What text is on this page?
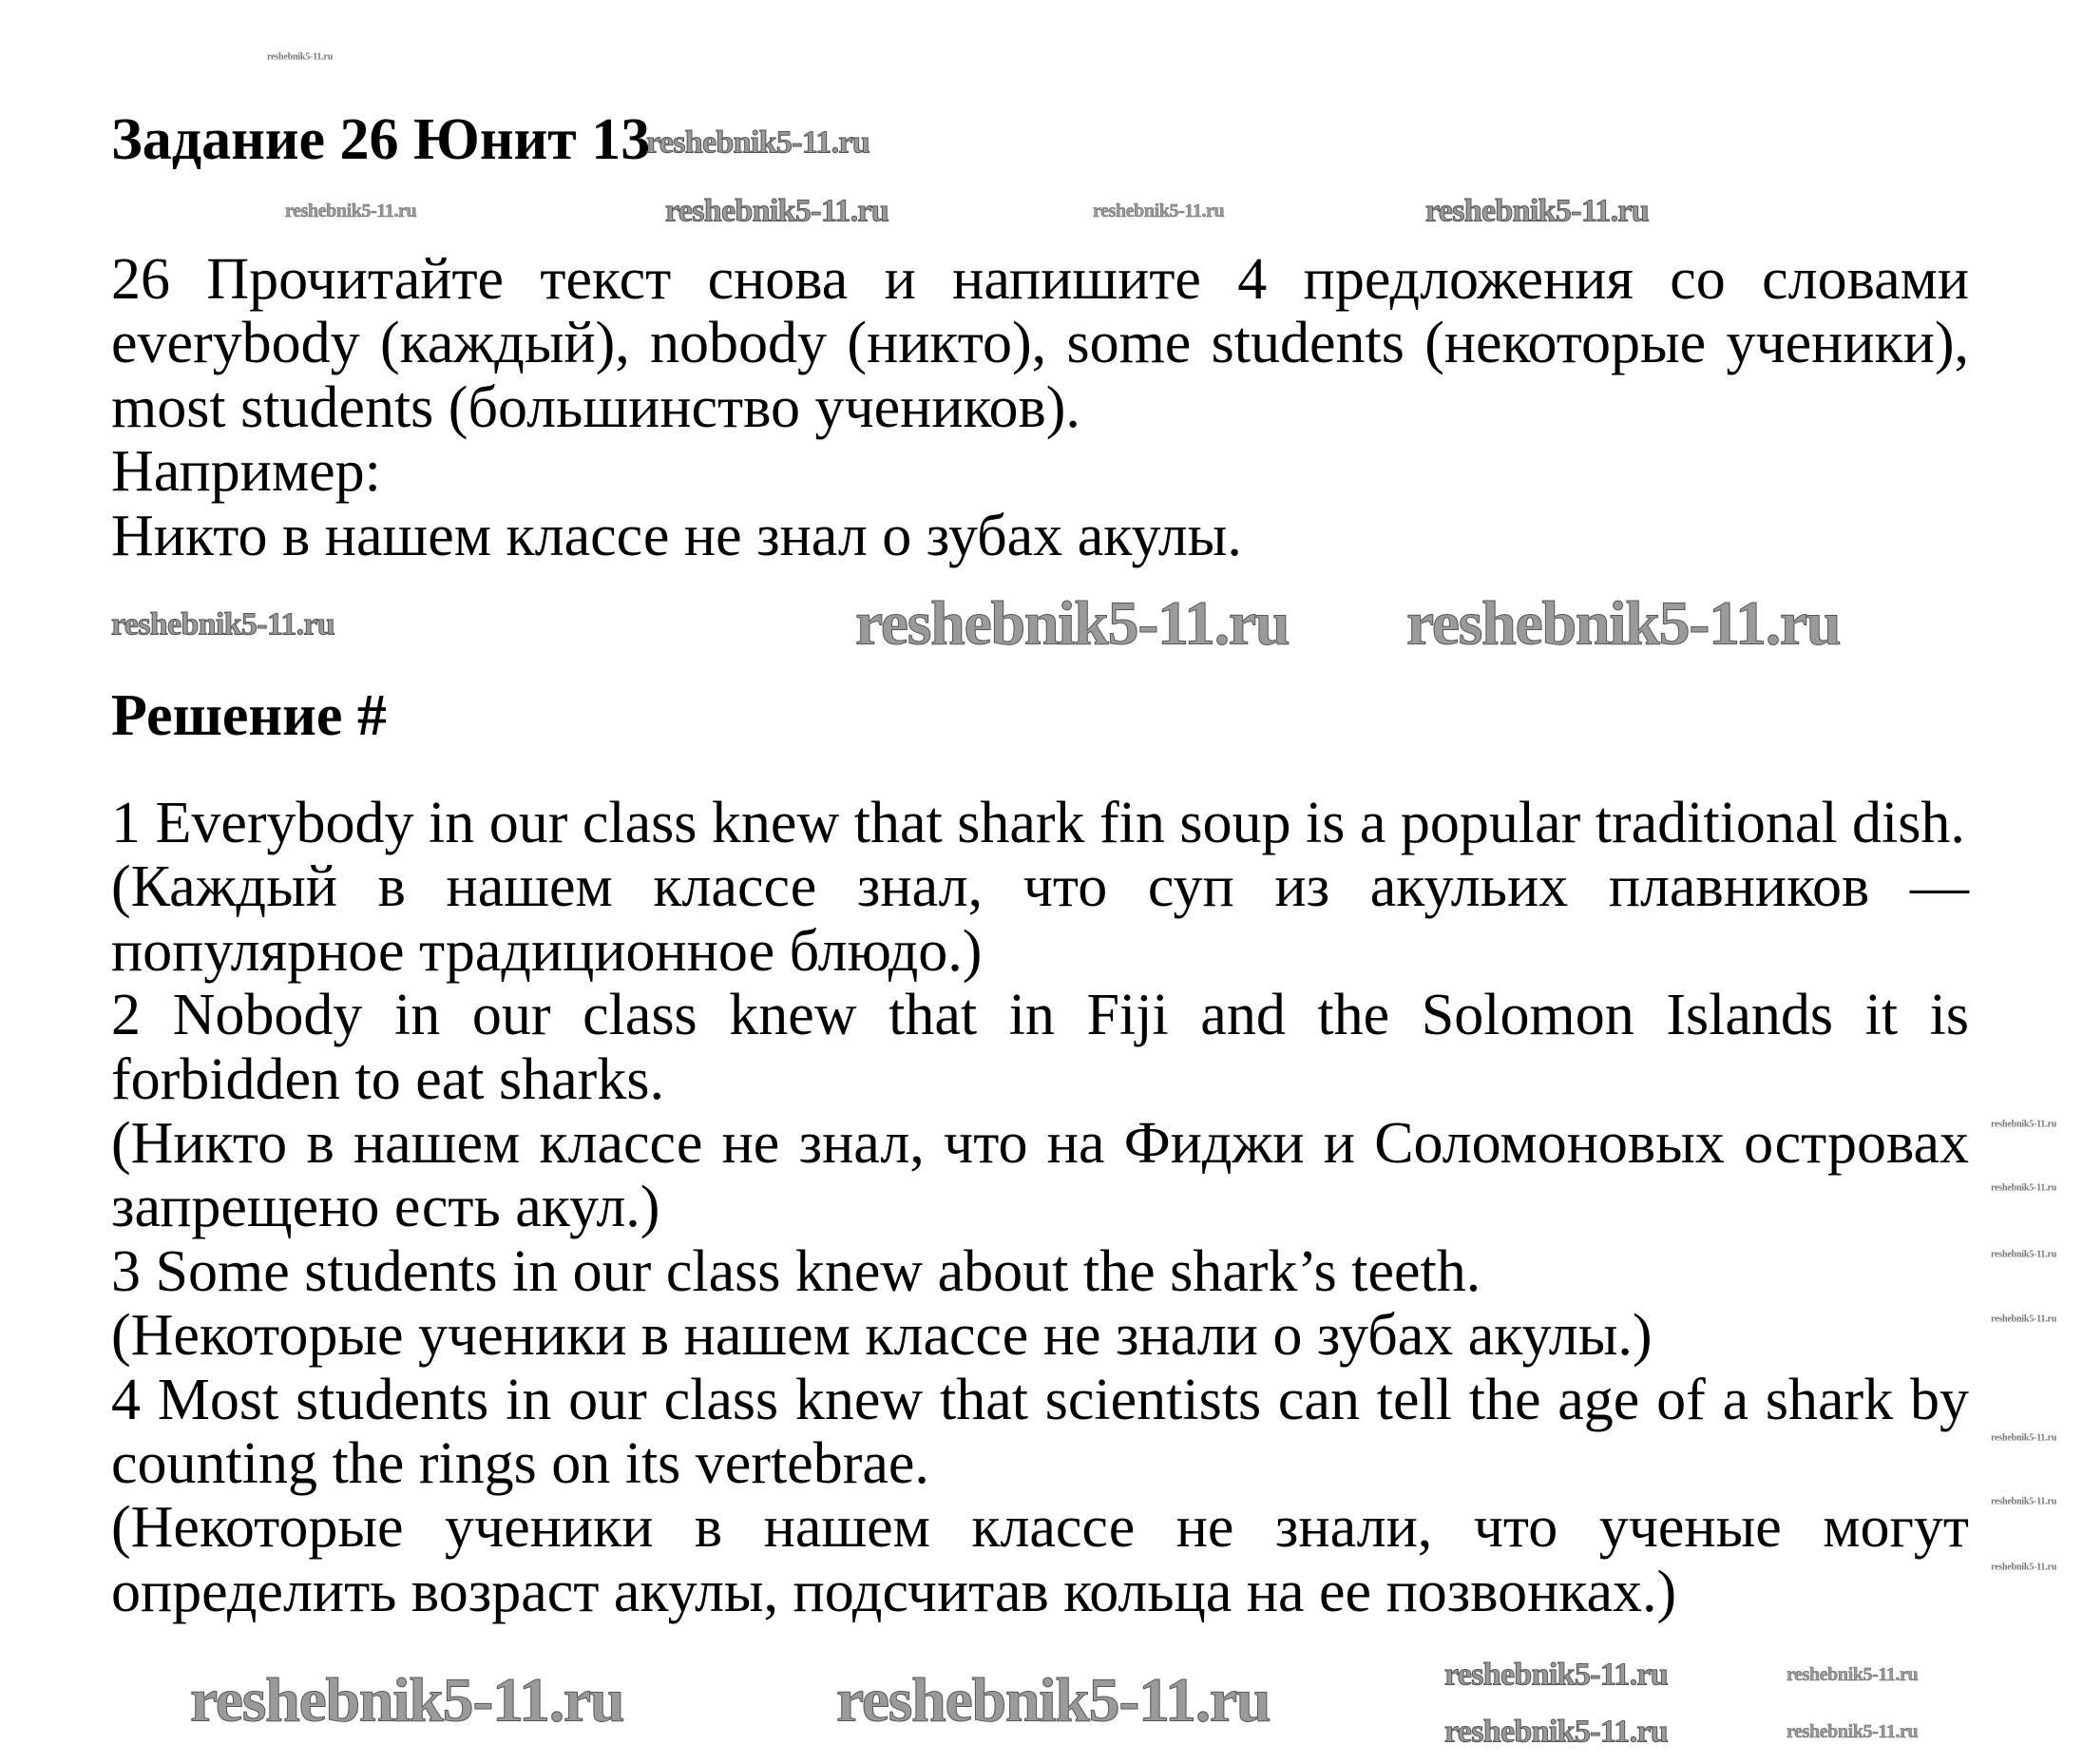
Задание 26 Юнит 13
26 Прочитайте текст снова и напишите 4 предложения со словами everybody (каждый), nobody (никто), some students (некоторые ученики), most students (большинство учеников).
Например:
Никто в нашем классе не знал о зубах акулы.
Решение #
1 Everybody in our class knew that shark fin soup is a popular traditional dish.
(Каждый в нашем классе знал, что суп из акульих плавников — популярное традиционное блюдо.)
2 Nobody in our class knew that in Fiji and the Solomon Islands it is forbidden to eat sharks.
(Никто в нашем классе не знал, что на Фиджи и Соломоновых островах запрещено есть акул.)
3 Some students in our class knew about the shark’s teeth.
(Некоторые ученики в нашем классе не знали о зубах акулы.)
4 Most students in our class knew that scientists can tell the age of a shark by counting the rings on its vertebrae.
(Некоторые ученики в нашем классе не знали, что ученые могут определить возраст акулы, подсчитав кольца на ее позвонках.)
reshebnik5-11.ru
reshebnik5-11.ru
reshebnik5-11.ru	reshebnik5-11.ru	reshebnik5-11.ru	reshebnik5-11.ru
reshebnik5-11.ru	reshebnik5-11.ru reshebnik5-11.ru
reshebnik5-11.ru
reshebnik5-11.ru
reshebnik5-11.ru
reshebnik5-11.ru
reshebnik5-11.ru
reshebnik5-11.ru
reshebnik5-11.ru
reshebnik5-11.ru	reshebnik5-11.ru	reshebnik5-11.ru
reshebnik5-11.ru
reshebnik5-11.ru
reshebnik5-11.ru
